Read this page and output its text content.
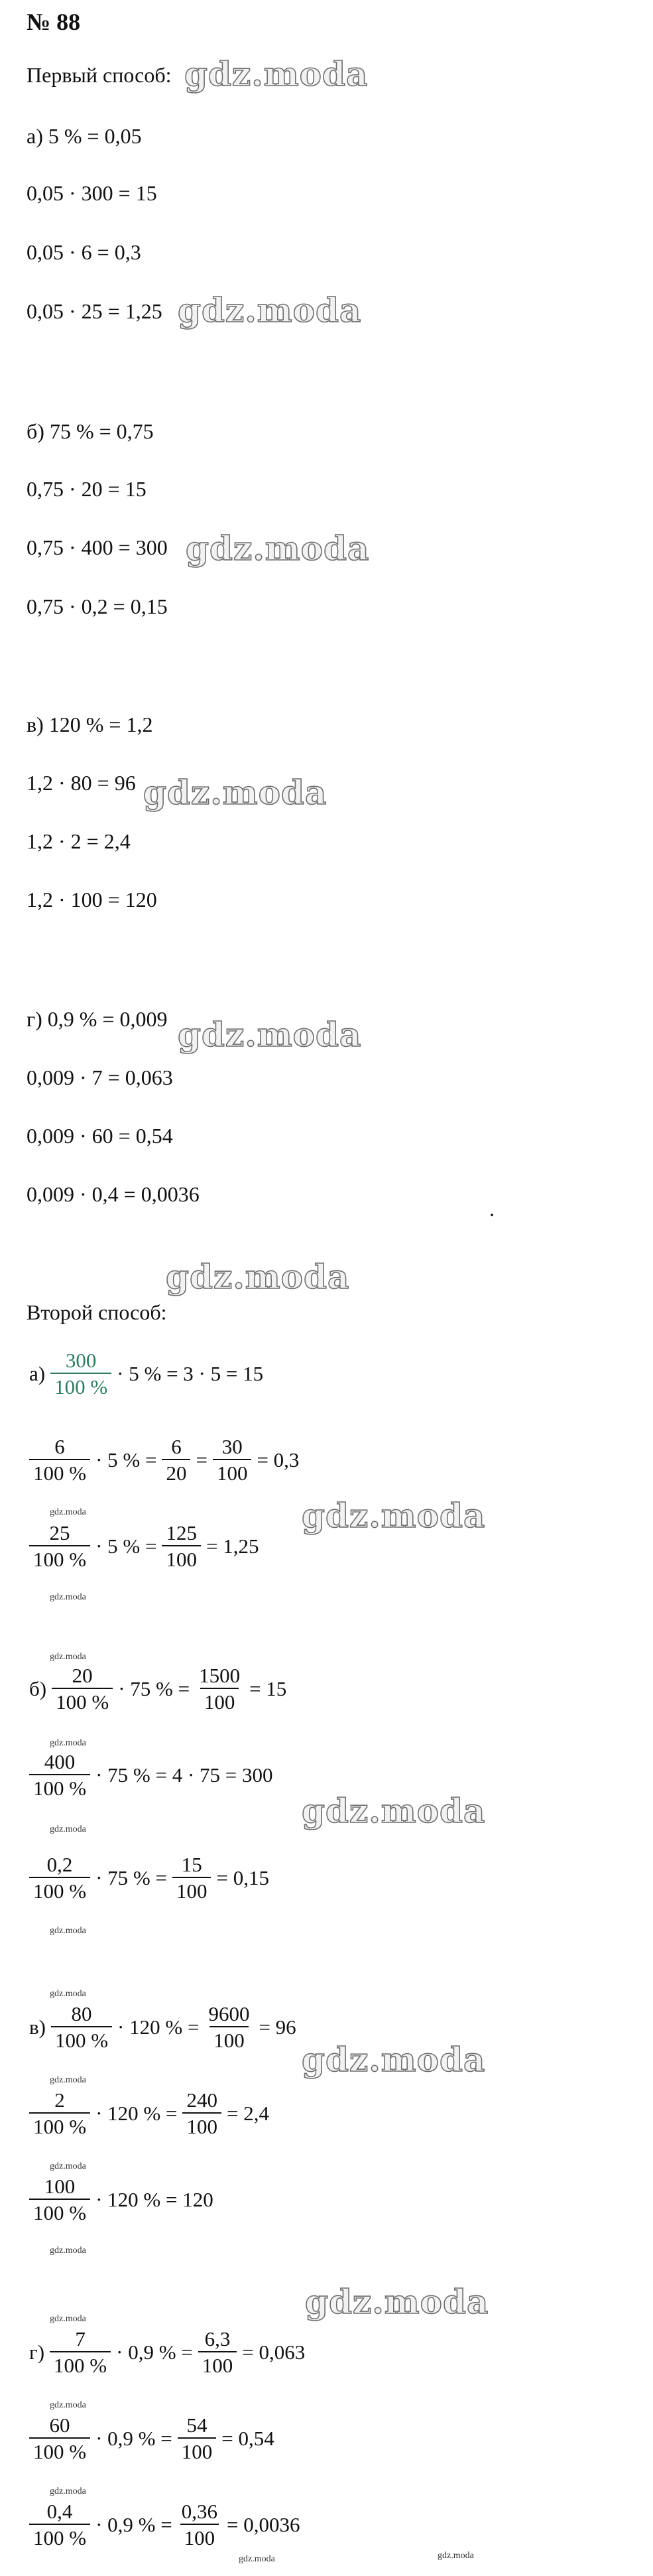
№ 88
Первый способ:
а) 5 % = 0,05
0,05 · 300 = 15
0,05 · 6 = 0,3
0,05 · 25 = 1,25
б) 75 % = 0,75
0,75 · 20 = 15
0,75 · 400 = 300
0,75 · 0,2 = 0,15
в) 120 % = 1,2
1,2 · 80 = 96
1,2 · 2 = 2,4
1,2 · 100 = 120
г) 0,9 % = 0,009
0,009 · 7 = 0,063
0,009 · 60 = 0,54
0,009 · 0,4 = 0,0036
.
Второй способ:
$а) \frac{300}{100 \%} \cdot 5$ % = 3 · 5 = 15
$\frac{6}{100 \%} \cdot 5$ % = $\frac{6}{20} = \frac{30}{100} = 0,3$
$\frac{25}{100 \%} \cdot 5$ % = $\frac{125}{100} = 1,25$
$б) \frac{20}{100 \%} \cdot 75$ % = $\frac{1500}{100} = 15$
$\frac{400}{100 \%} \cdot 75$ % = 4 · 75 = 300
$\frac{0,2}{100 \%} \cdot 75$ % = $\frac{15}{100} = 0,15$
$в) \frac{80}{100 \%} \cdot 120$ % = $\frac{9600}{100} = 96$
$\frac{2}{100 \%} \cdot 120$ % = $\frac{240}{100} = 2,4$
$\frac{100}{100 \%} \cdot 120$ % = 120
$г) \frac{7}{100 \%} \cdot 0,9$ % = $\frac{6,3}{100} = 0,063$
$\frac{60}{100 \%} \cdot 0,9$ % = $\frac{54}{100} = 0,54$
$\frac{0,4}{100 \%} \cdot 0,9$ % = $\frac{0,36}{100} = 0,0036$
gdz.moda
gdz.moda
gdz.moda
gdz.moda
gdz.moda
gdz.moda
gdz.moda
gdz.moda
gdz.moda
gdz.moda
gdz.moda
gdz.moda
gdz.moda
gdz.moda
gdz.moda
gdz.moda
gdz.moda
gdz.moda
gdz.moda
gdz.moda
gdz.moda
gdz.moda
gdz.moda
gdz.moda	gdz.moda
